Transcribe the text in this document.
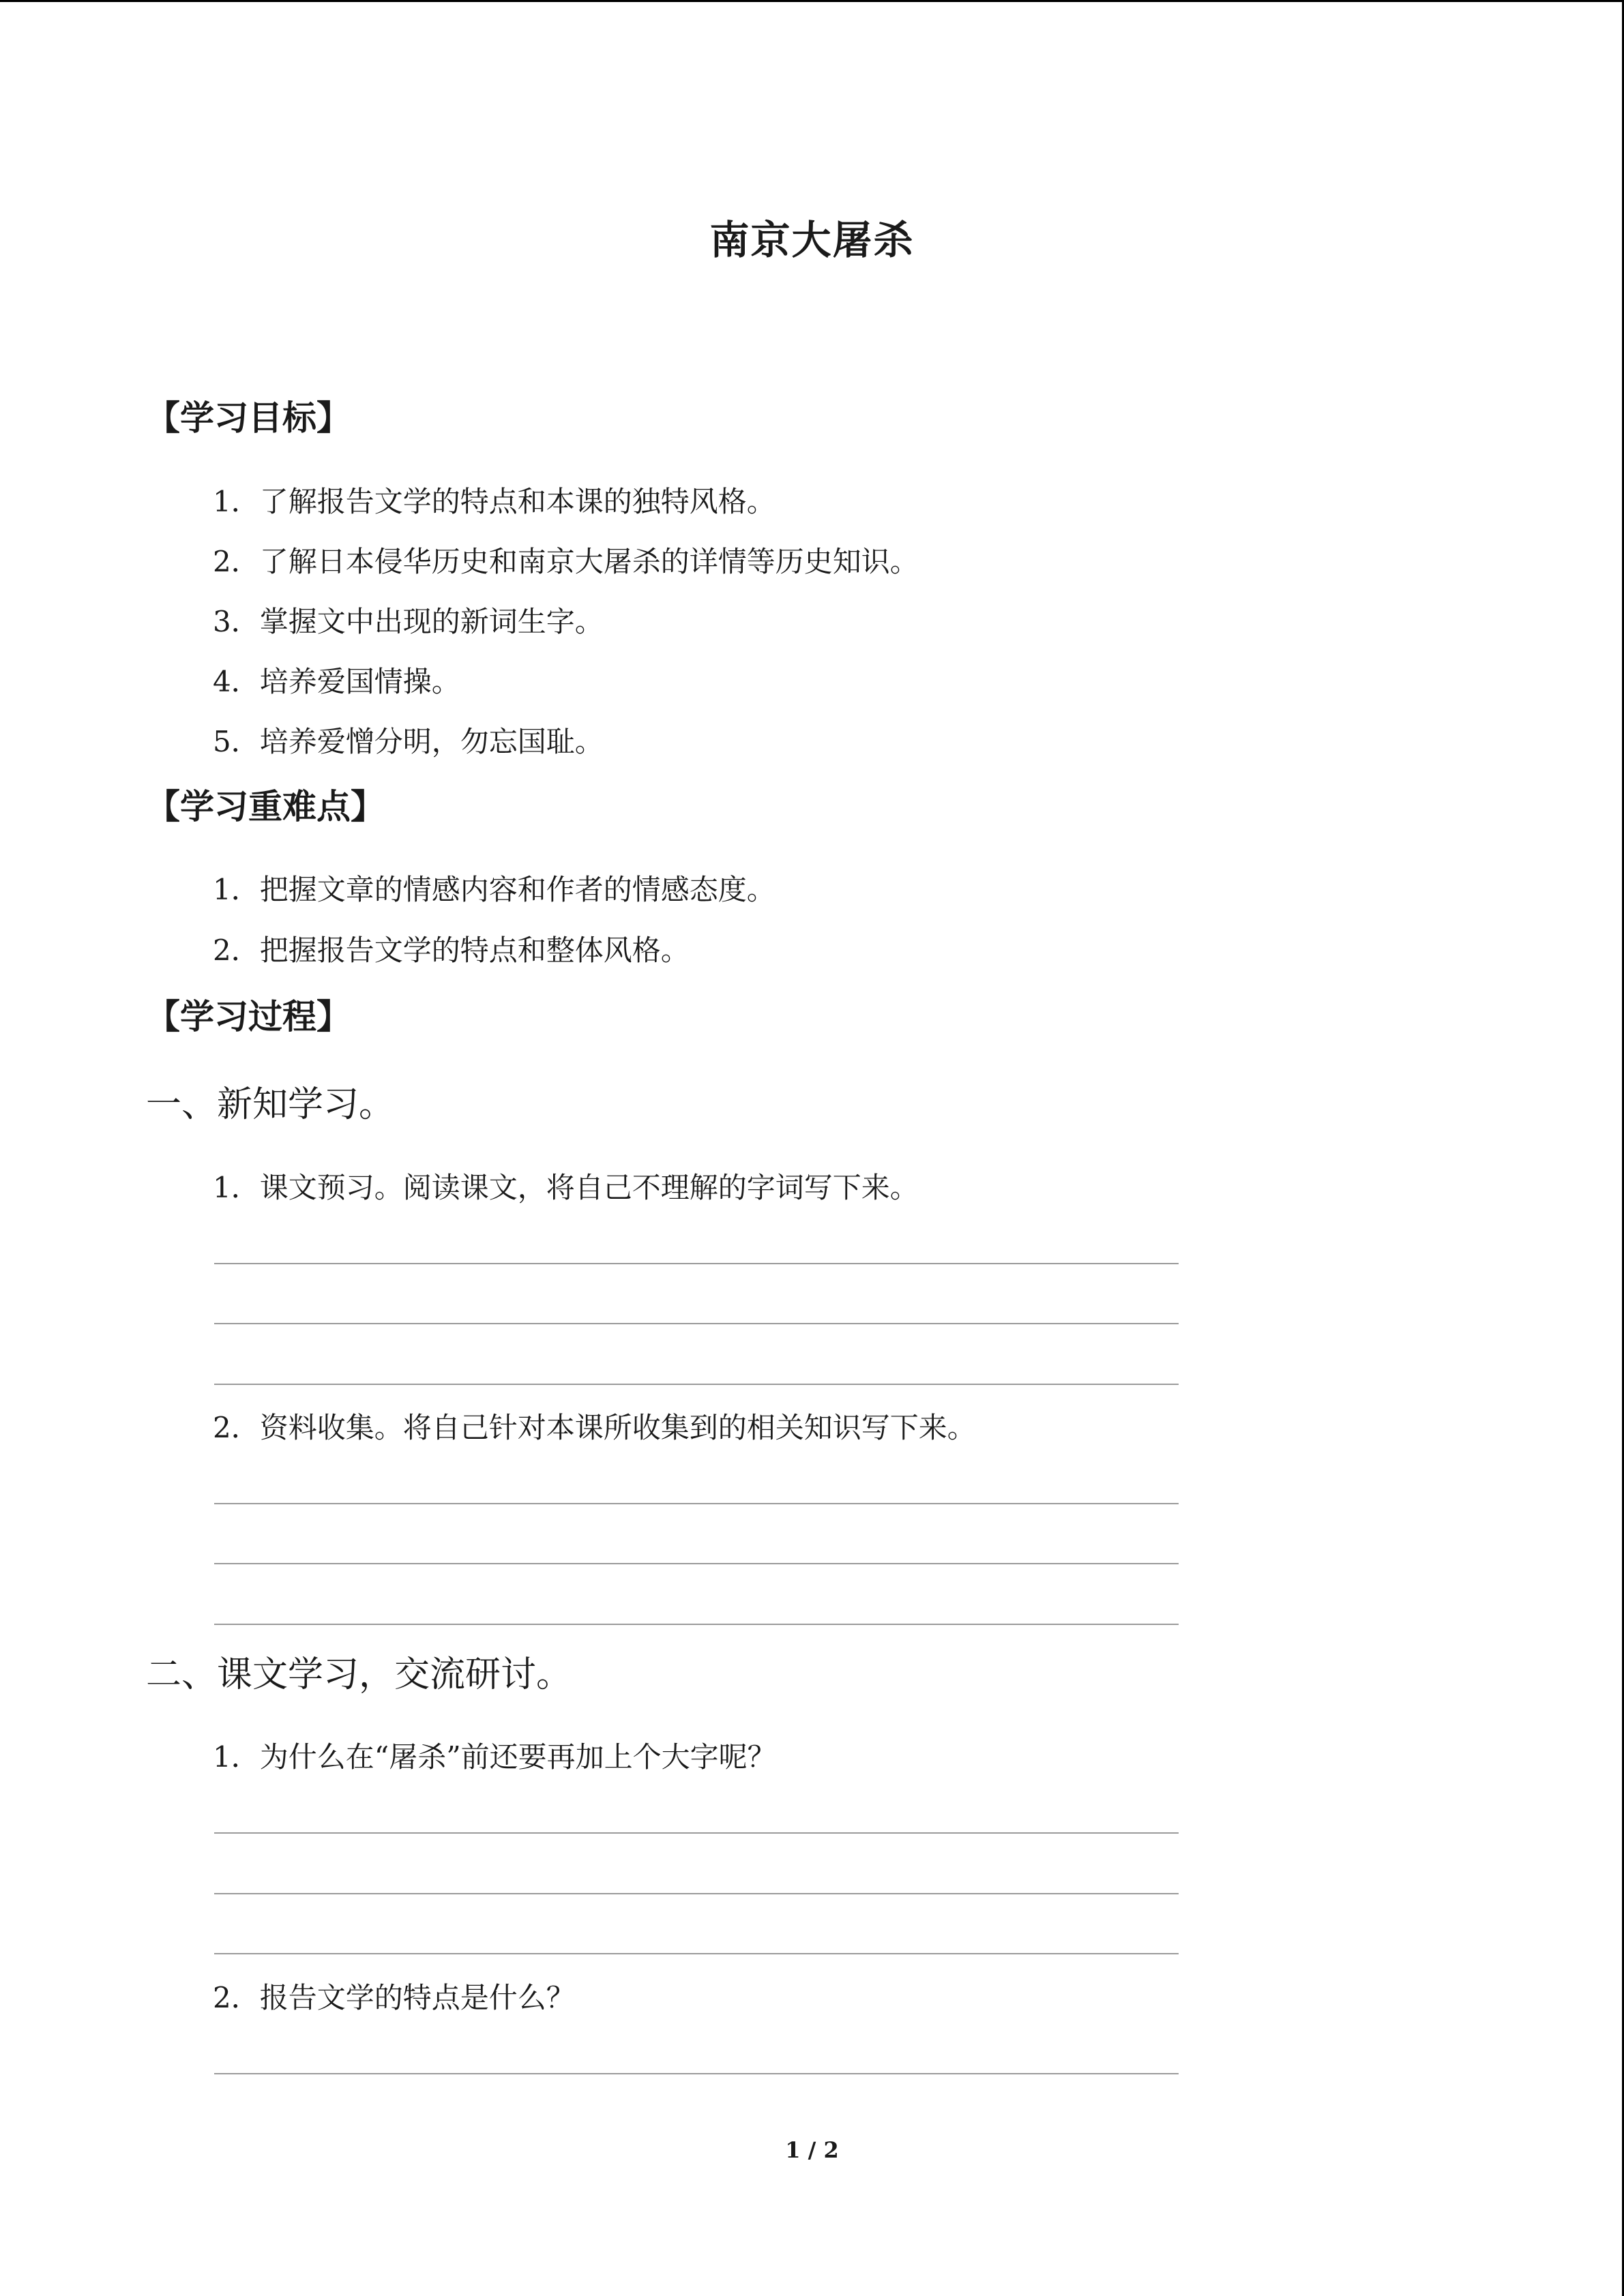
南京大屠杀
【学习目标】
1．了解报告文学的特点和本课的独特风格。
2．了解日本侵华历史和南京大屠杀的详情等历史知识。
3．掌握文中出现的新词生字。
4．培养爱国情操。
5．培养爱憎分明，勿忘国耻。
【学习重难点】
1．把握文章的情感内容和作者的情感态度。
2．把握报告文学的特点和整体风格。
【学习过程】
一、新知学习。
1．课文预习。阅读课文，将自己不理解的字词写下来。
2．资料收集。将自己针对本课所收集到的相关知识写下来。
二、课文学习，交流研讨。
1．为什么在“屠杀”前还要再加上个大字呢？
2．报告文学的特点是什么？
1 / 2
